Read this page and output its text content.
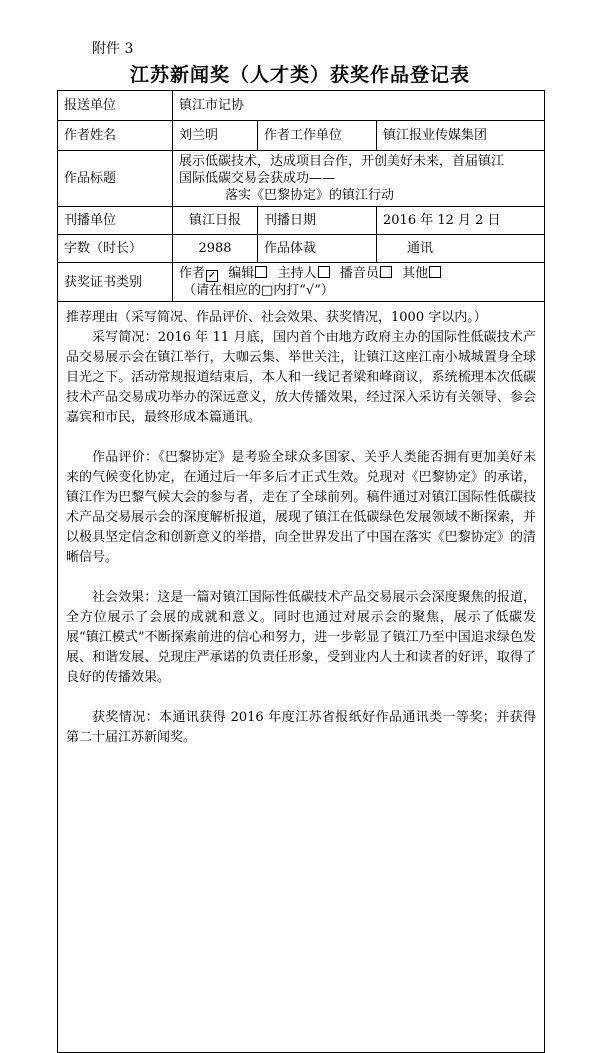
附件 3
江苏新闻奖（人才类）获奖作品登记表
报送单位	镇江市记协		
作者姓名	刘兰明	作者工作单位	镇江报业传媒集团
作品标题	展示低碳技术，达成项目合作，开创美好未来，首届镇江
国际低碳交易会获成功——
落实《巴黎协定》的镇江行动		

刊播单位	镇江日报	刊播日期	2016 年 12 月 2 日
字数（时长）	2988	作品体裁	通讯
获奖证书类别	作者 ✓ 编辑 主持人 播音员 其他
（请在相应的□内打“√”）		

推荐理由（采写简况、作品评价、社会效果、获奖情况，1000 字以内。）

采写简况：2016 年 11 月底，国内首个由地方政府主办的国际性低碳技术产品交易展示会在镇江举行，大咖云集、举世关注，让镇江这座江南小城城置身全球目光之下。活动常规报道结束后，本人和一线记者梁和峰商议，系统梳理本次低碳技术产品交易成功举办的深远意义，放大传播效果，经过深入采访有关领导、参会嘉宾和市民，最终形成本篇通讯。

作品评价：《巴黎协定》是考验全球众多国家、关乎人类能否拥有更加美好未来的气候变化协定，在通过后一年多后才正式生效。兑现对《巴黎协定》的承诺，镇江作为巴黎气候大会的参与者，走在了全球前列。稿件通过对镇江国际性低碳技术产品交易展示会的深度解析报道，展现了镇江在低碳绿色发展领域不断探索，并以极具坚定信念和创新意义的举措，向全世界发出了中国在落实《巴黎协定》的清晰信号。

社会效果：这是一篇对镇江国际性低碳技术产品交易展示会深度聚焦的报道，全方位展示了会展的成就和意义。同时也通过对展示会的聚焦，展示了低碳发展“镇江模式”不断探索前进的信心和努力，进一步彰显了镇江乃至中国追求绿色发展、和谐发展、兑现庄严承诺的负责任形象，受到业内人士和读者的好评，取得了良好的传播效果。

获奖情况：本通讯获得 2016 年度江苏省报纸好作品通讯类一等奖；并获得第二十届江苏新闻奖。			
